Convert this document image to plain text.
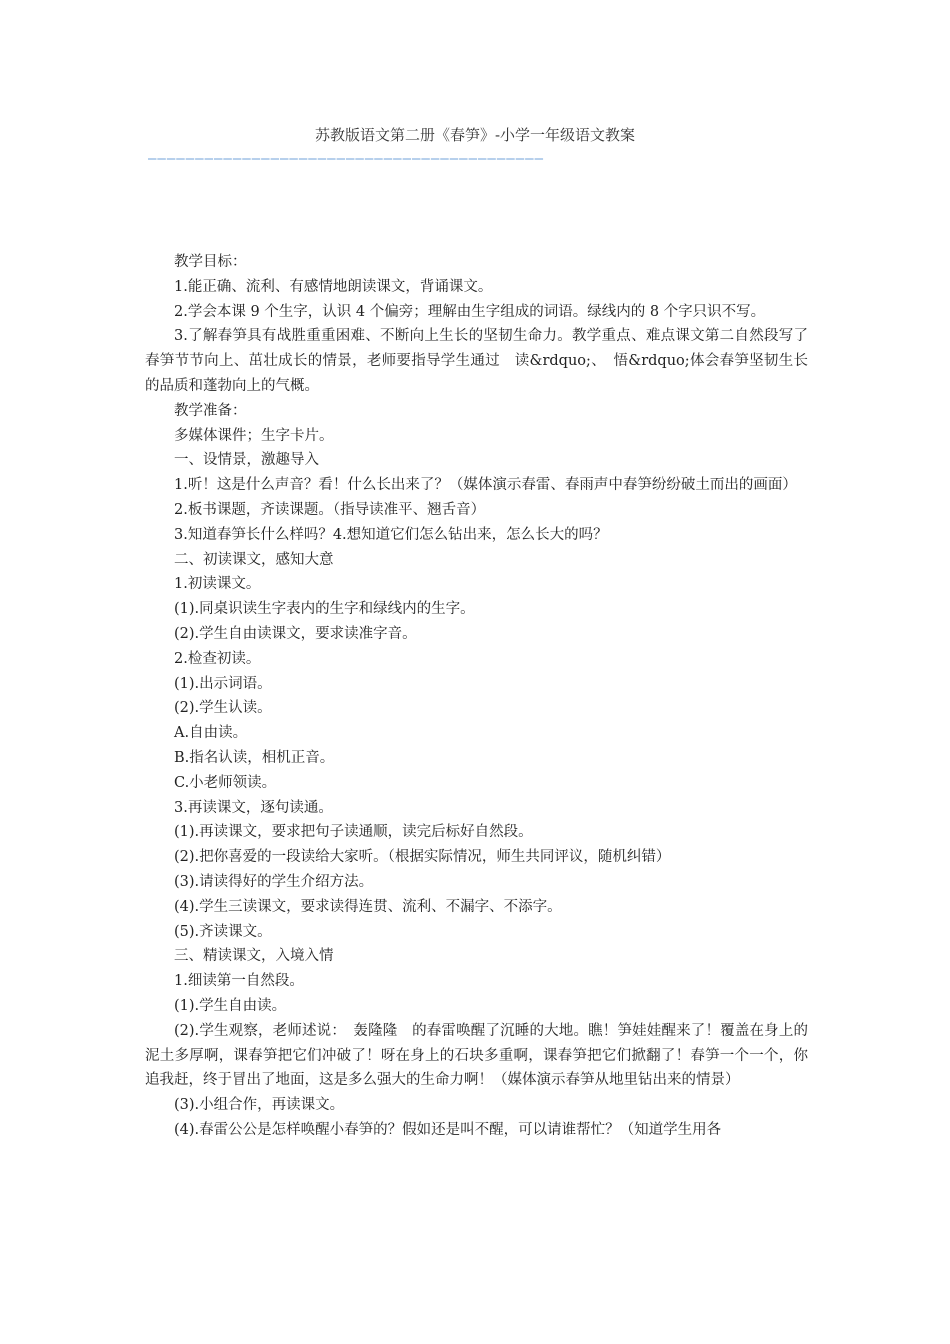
苏教版语文第二册《春笋》-小学一年级语文教案
——————————————————————————————————————————

教学目标：

1.能正确、流利、有感情地朗读课文，背诵课文。

2.学会本课 9 个生字，认识 4 个偏旁；理解由生字组成的词语。绿线内的 8 个字只识不写。

3.了解春笋具有战胜重重困难、不断向上生长的坚韧生命力。教学重点、难点课文第二自然段写了春笋节节向上、茁壮成长的情景，老师要指导学生通过　读&rdquo;、　悟&rdquo;体会春笋坚韧生长的品质和蓬勃向上的气概。

教学准备：

多媒体课件；生字卡片。

一、设情景，激趣导入

1.听！这是什么声音？看！什么长出来了？（媒体演示春雷、春雨声中春笋纷纷破土而出的画面）

2.板书课题，齐读课题。（指导读准平、翘舌音）

3.知道春笋长什么样吗？4.想知道它们怎么钻出来，怎么长大的吗？

二、初读课文，感知大意

1.初读课文。

(1).同桌识读生字表内的生字和绿线内的生字。

(2).学生自由读课文，要求读准字音。

2.检查初读。

(1).出示词语。

(2).学生认读。

A.自由读。

B.指名认读，相机正音。

C.小老师领读。

3.再读课文，逐句读通。

(1).再读课文，要求把句子读通顺，读完后标好自然段。

(2).把你喜爱的一段读给大家听。（根据实际情况，师生共同评议，随机纠错）

(3).请读得好的学生介绍方法。

(4).学生三读课文，要求读得连贯、流利、不漏字、不添字。

(5).齐读课文。

三、精读课文，入境入情

1.细读第一自然段。

(1).学生自由读。

(2).学生观察，老师述说：　轰隆隆　的春雷唤醒了沉睡的大地。瞧！笋娃娃醒来了！覆盖在身上的泥土多厚啊，课春笋把它们冲破了！呀在身上的石块多重啊，课春笋把它们掀翻了！春笋一个一个，你追我赶，终于冒出了地面，这是多么强大的生命力啊！（媒体演示春笋从地里钻出来的情景）

(3).小组合作，再读课文。

(4).春雷公公是怎样唤醒小春笋的？假如还是叫不醒，可以请谁帮忙？（知道学生用各
